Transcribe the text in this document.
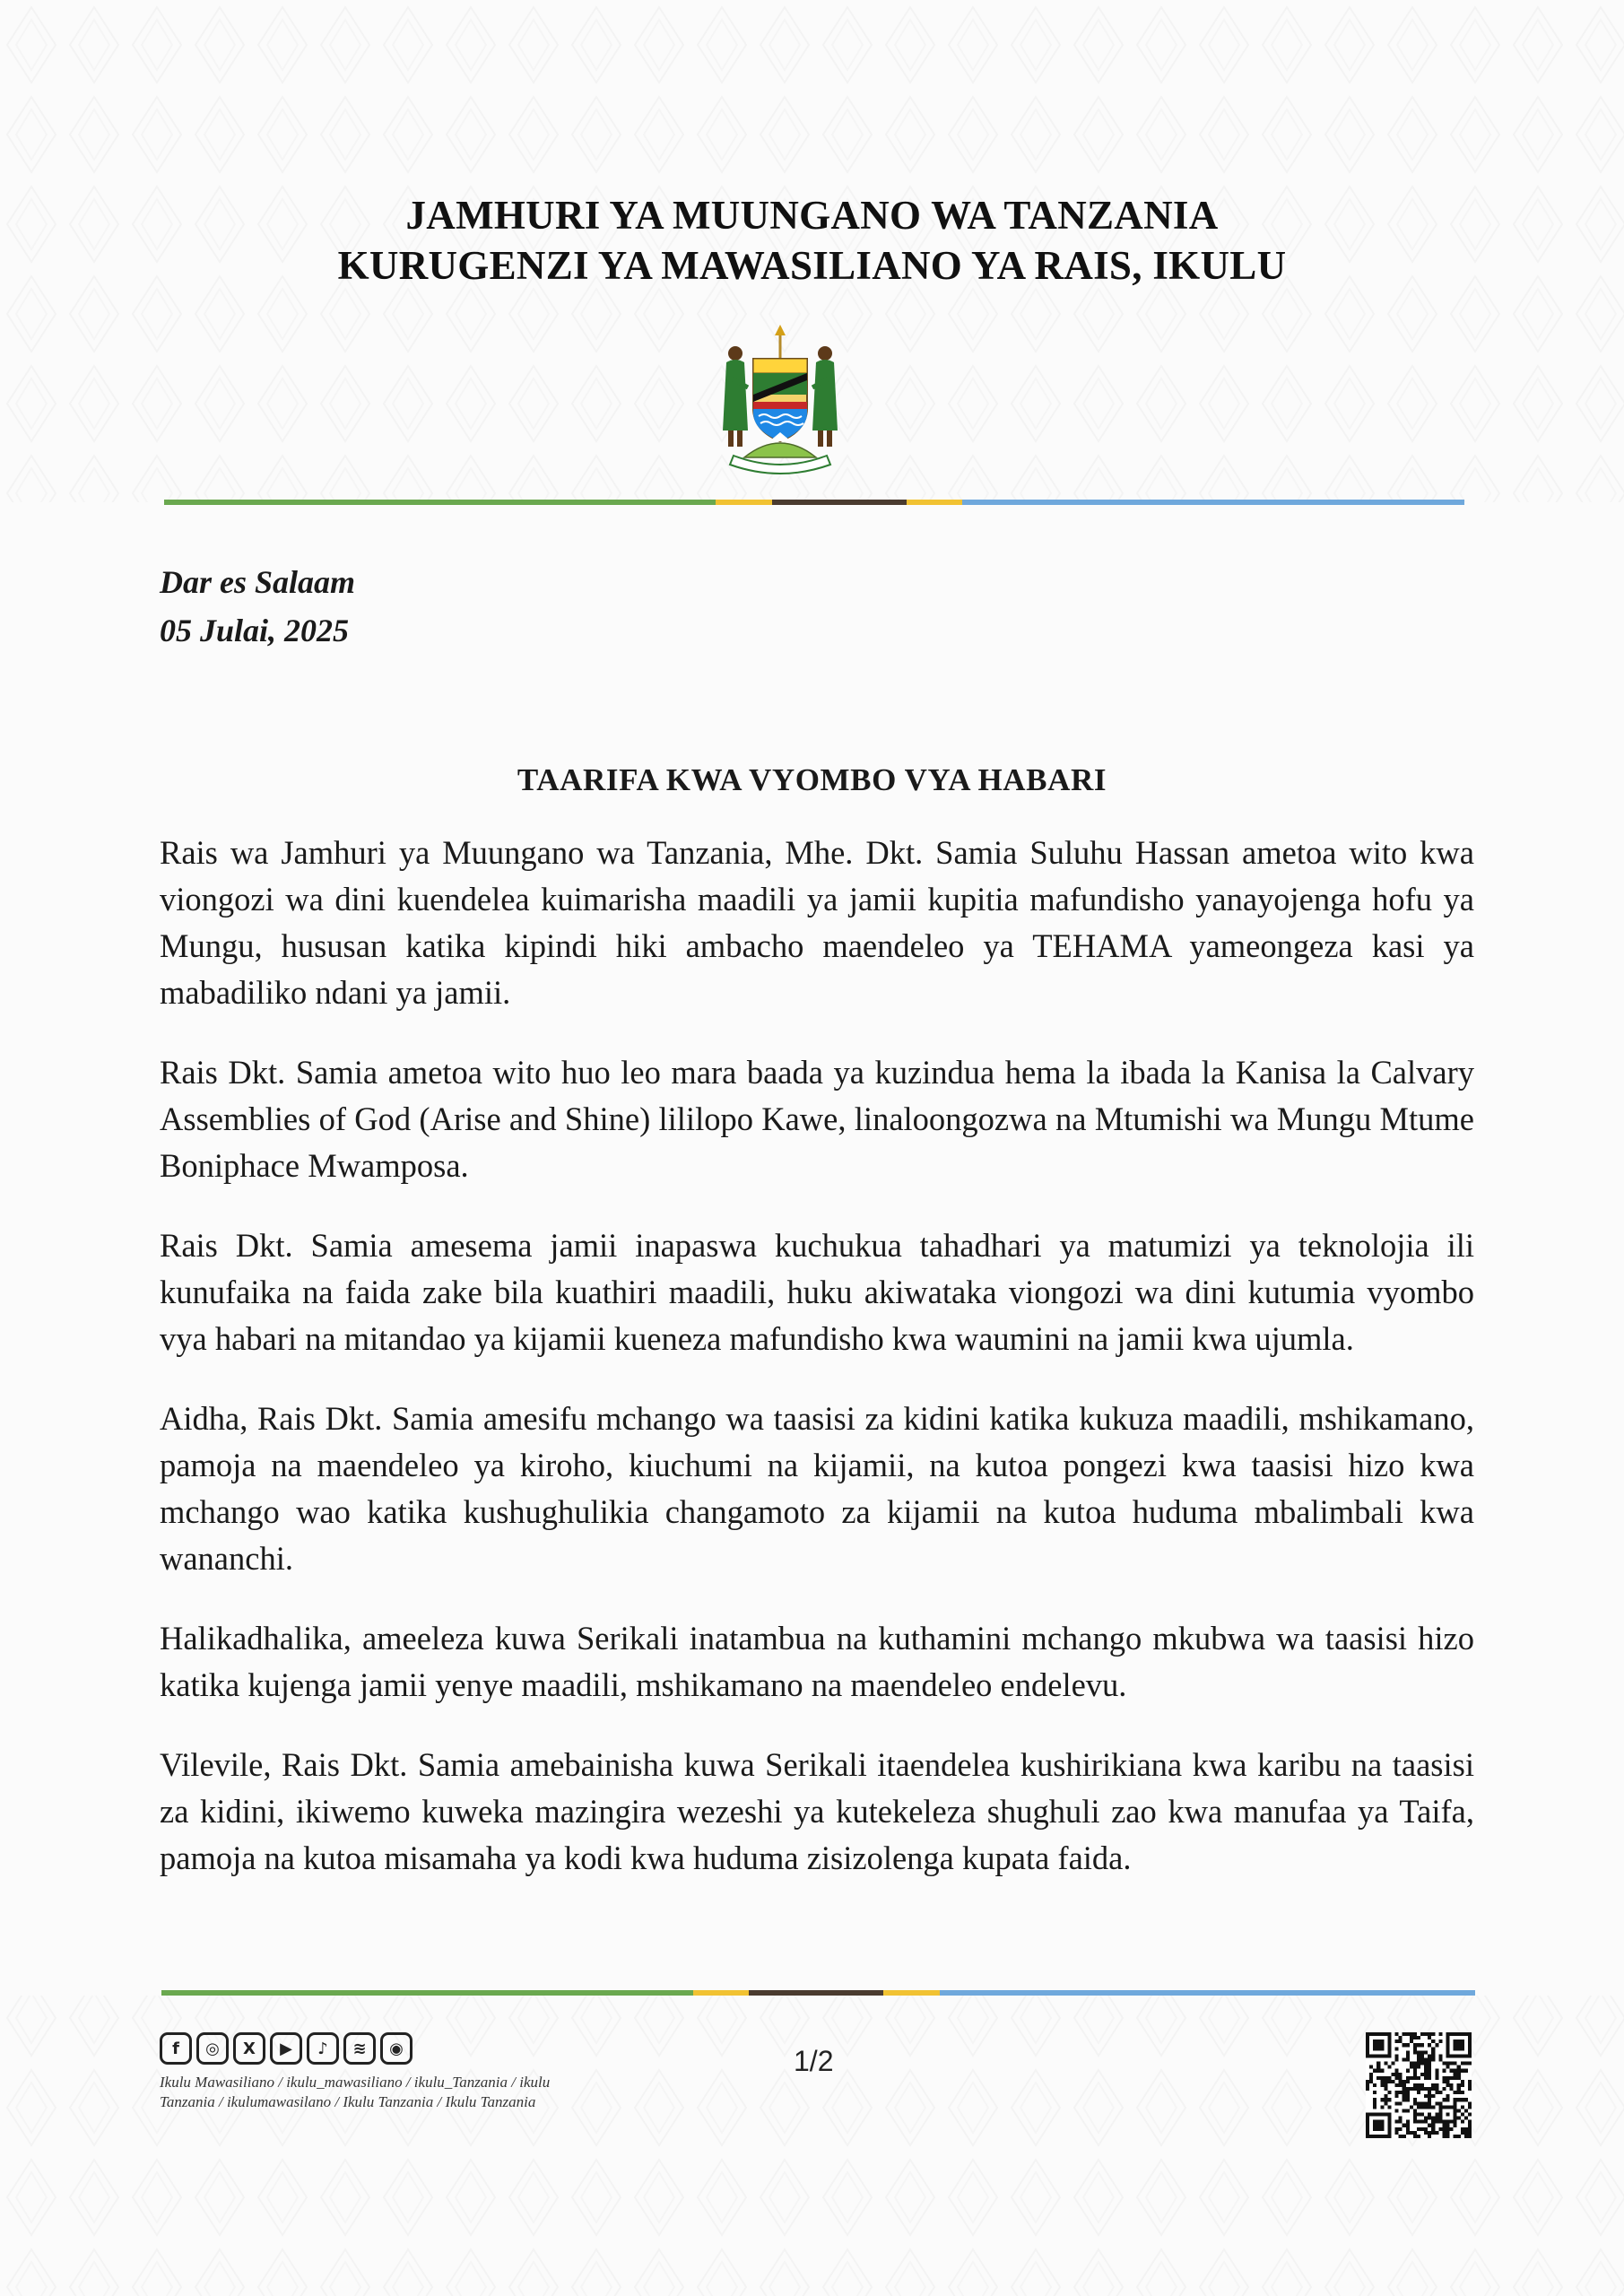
JAMHURI YA MUUNGANO WA TANZANIA
KURUGENZI YA MAWASILIANO YA RAIS, IKULU
Dar es Salaam
05 Julai, 2025
TAARIFA KWA VYOMBO VYA HABARI

Rais wa Jamhuri ya Muungano wa Tanzania, Mhe. Dkt. Samia Suluhu Hassan ametoa wito kwa viongozi wa dini kuendelea kuimarisha maadili ya jamii kupitia mafundisho yanayojenga hofu ya Mungu, hususan katika kipindi hiki ambacho maendeleo ya TEHAMA yameongeza kasi ya mabadiliko ndani ya jamii.

Rais Dkt. Samia ametoa wito huo leo mara baada ya kuzindua hema la ibada la Kanisa la Calvary Assemblies of God (Arise and Shine) lililopo Kawe, linaloongozwa na Mtumishi wa Mungu Mtume Boniphace Mwamposa.

Rais Dkt. Samia amesema jamii inapaswa kuchukua tahadhari ya matumizi ya teknolojia ili kunufaika na faida zake bila kuathiri maadili, huku akiwataka viongozi wa dini kutumia vyombo vya habari na mitandao ya kijamii kueneza mafundisho kwa waumini na jamii kwa ujumla.

Aidha, Rais Dkt. Samia amesifu mchango wa taasisi za kidini katika kukuza maadili, mshikamano, pamoja na maendeleo ya kiroho, kiuchumi na kijamii, na kutoa pongezi kwa taasisi hizo kwa mchango wao katika kushughulikia changamoto za kijamii na kutoa huduma mbalimbali kwa wananchi.

Halikadhalika, ameeleza kuwa Serikali inatambua na kuthamini mchango mkubwa wa taasisi hizo katika kujenga jamii yenye maadili, mshikamano na maendeleo endelevu.

Vilevile, Rais Dkt. Samia amebainisha kuwa Serikali itaendelea kushirikiana kwa karibu na taasisi za kidini, ikiwemo kuweka mazingira wezeshi ya kutekeleza shughuli zao kwa manufaa ya Taifa, pamoja na kutoa misamaha ya kodi kwa huduma zisizolenga kupata faida.

f	◎	X	▶	♪	≋	◉
Ikulu Mawasiliano / ikulu_mawasiliano / ikulu_Tanzania / ikulu Tanzania / ikulumawasilano / Ikulu Tanzania / Ikulu Tanzania
1/2
